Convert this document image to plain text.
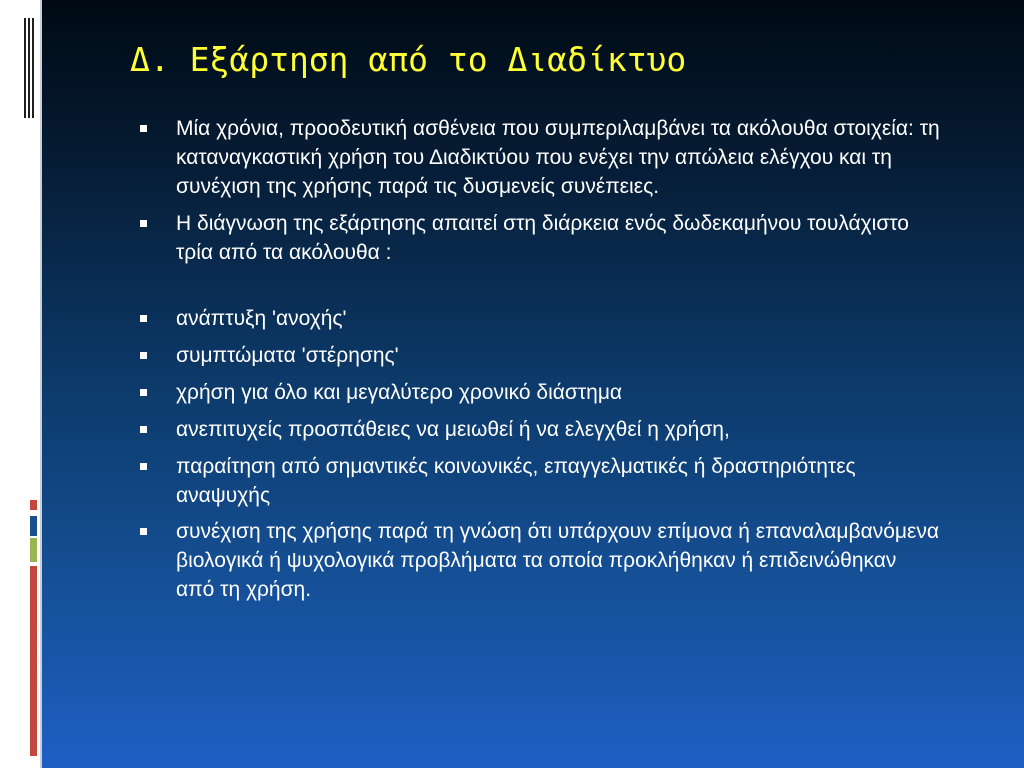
Δ. Εξάρτηση από το Διαδίκτυο
Μία χρόνια, προοδευτική ασθένεια που συμπεριλαμβάνει τα ακόλουθα στοιχεία: τη καταναγκαστική χρήση του Διαδικτύου που ενέχει την απώλεια ελέγχου και τη συνέχιση της χρήσης παρά τις δυσμενείς συνέπειες.
Η διάγνωση της εξάρτησης απαιτεί στη διάρκεια ενός δωδεκαμήνου τουλάχιστο τρία από τα ακόλουθα :
ανάπτυξη 'ανοχής'
συμπτώματα 'στέρησης'
χρήση για όλο και μεγαλύτερο χρονικό διάστημα
ανεπιτυχείς προσπάθειες να μειωθεί ή να ελεγχθεί η χρήση,
παραίτηση από σημαντικές κοινωνικές, επαγγελματικές ή δραστηριότητες αναψυχής
συνέχιση της χρήσης παρά τη γνώση ότι υπάρχουν επίμονα ή επαναλαμβανόμενα βιολογικά ή ψυχολογικά προβλήματα τα οποία προκλήθηκαν ή επιδεινώθηκαν από τη χρήση.
